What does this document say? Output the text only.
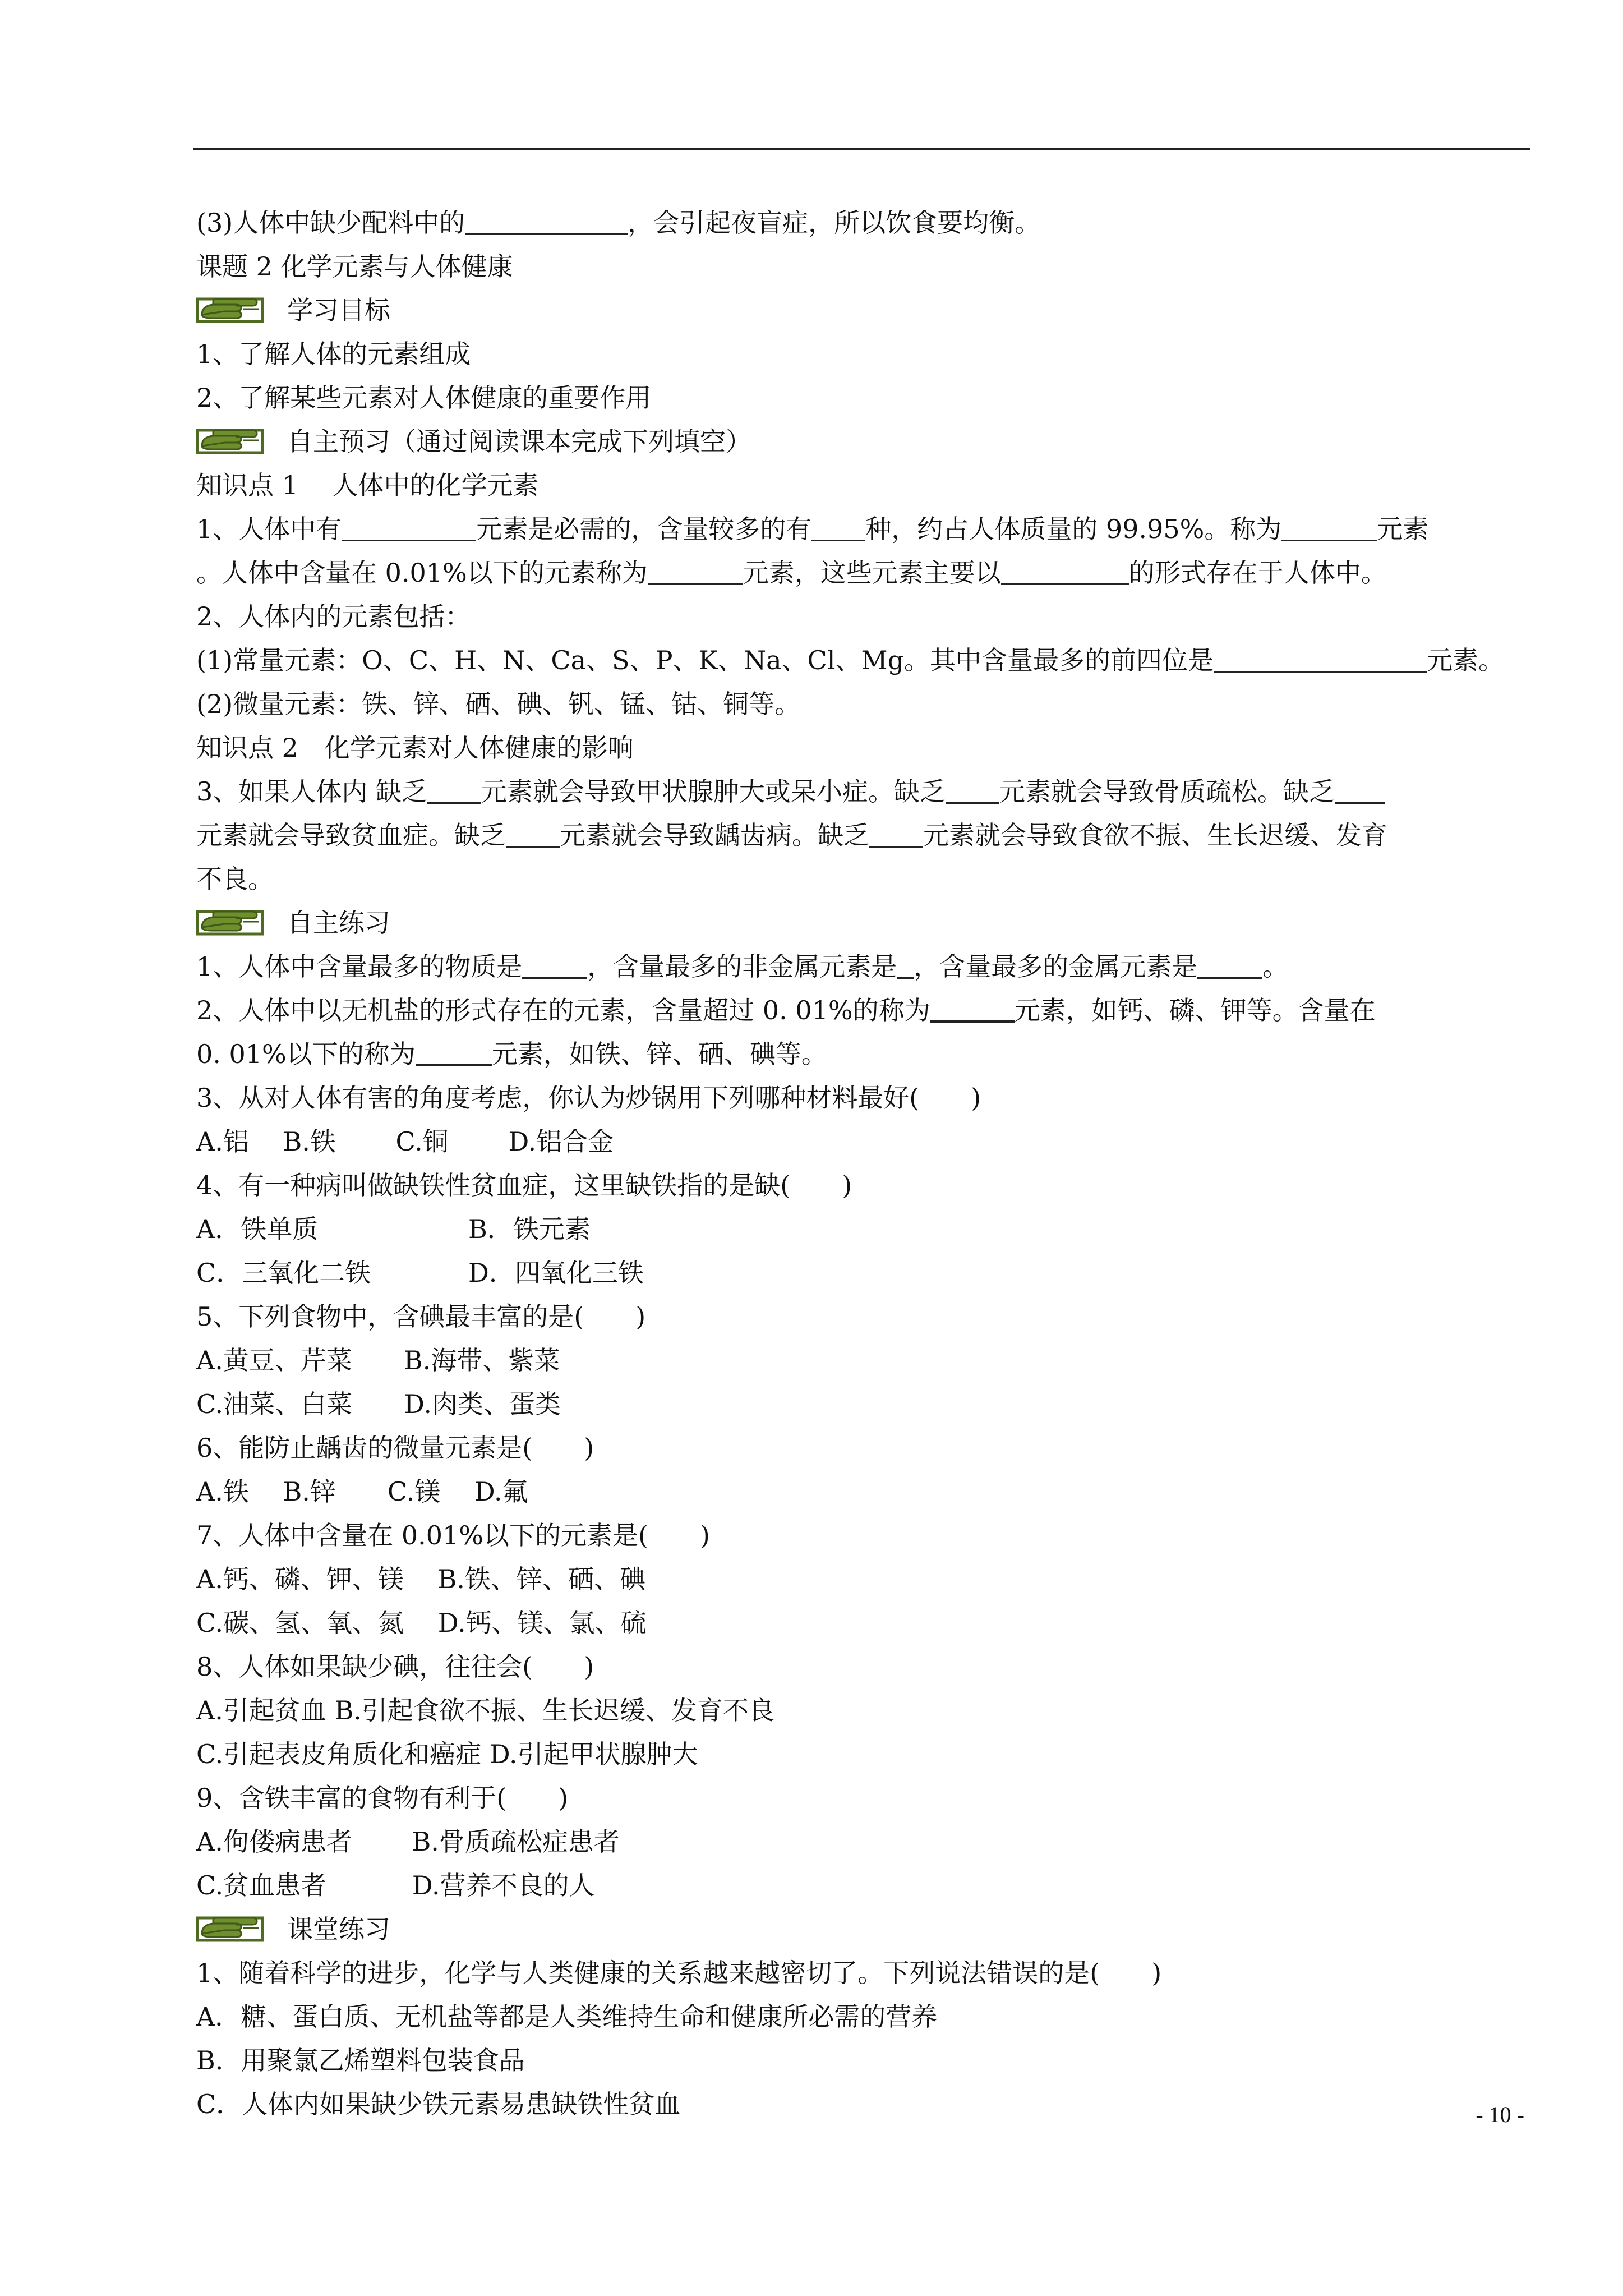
(3)人体中缺少配料中的	，会引起夜盲症，所以饮食要均衡。
课题 2 化学元素与人体健康
学习目标
1、了解人体的元素组成
2、了解某些元素对人体健康的重要作用
自主预习（通过阅读课本完成下列填空）
知识点 1　 人体中的化学元素
1、人体中有	元素是必需的，含量较多的有 种，约占人体质量的 99.95%。称为	元素
。人体中含量在 0.01%以下的元素称为	元素，这些元素主要以	的形式存在于人体中。
2、人体内的元素包括：
(1)常量元素：O、C、H、N、Ca、S、P、K、Na、Cl、Mg。其中含量最多的前四位是	元素。
(2)微量元素：铁、锌、硒、碘、钒、锰、钴、铜等。
知识点 2　化学元素对人体健康的影响
3、如果人体内 缺乏 元素就会导致甲状腺肿大或呆小症。缺乏 元素就会导致骨质疏松。缺乏
元素就会导致贫血症。缺乏 元素就会导致龋齿病。缺乏 元素就会导致食欲不振、生长迟缓、发育
不良。
自主练习
1、人体中含量最多的物质是	，含量最多的非金属元素是 ，含量最多的金属元素是	。
2、人体中以无机盐的形式存在的元素，含量超过 0. 01%的称为	元素，如钙、磷、钾等。含量在
0. 01%以下的称为	元素，如铁、锌、硒、碘等。
3、从对人体有害的角度考虑，你认为炒锅用下列哪种材料最好(　　)
A.铝　 B.铁　　 C.铜　　 D.铝合金
4、有一种病叫做缺铁性贫血症，这里缺铁指的是缺(　　)
A．铁单质	B．铁元素
C．三氧化二铁	D．四氧化三铁
5、下列食物中，含碘最丰富的是(　　)
A.黄豆、芹菜　　B.海带、紫菜
C.油菜、白菜　　D.肉类、蛋类
6、能防止龋齿的微量元素是(　　)
A.铁　 B.锌　　C.镁　 D.氟
7、人体中含量在 0.01%以下的元素是(　　)
A.钙、磷、钾、镁　 B.铁、锌、硒、碘
C.碳、氢、氧、氮　 D.钙、镁、氯、硫
8、人体如果缺少碘，往往会(　　)
A.引起贫血 B.引起食欲不振、生长迟缓、发育不良
C.引起表皮角质化和癌症 D.引起甲状腺肿大
9、含铁丰富的食物有利于(　　)
A.佝偻病患者　　 B.骨质疏松症患者
C.贫血患者　　　 D.营养不良的人
课堂练习
1、随着科学的进步，化学与人类健康的关系越来越密切了。下列说法错误的是(　　)
A．糖、蛋白质、无机盐等都是人类维持生命和健康所必需的营养
B．用聚氯乙烯塑料包装食品
C．人体内如果缺少铁元素易患缺铁性贫血	- 10 -
